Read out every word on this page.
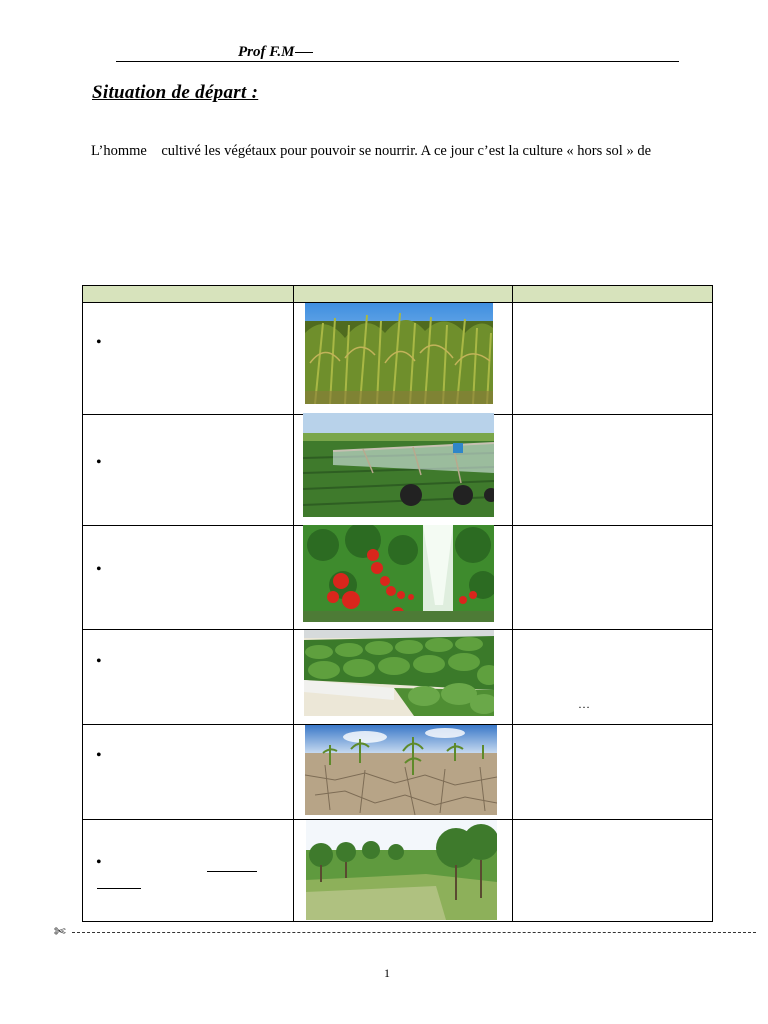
Prof F.M
Situation de départ :
L’homme    cultivé les végétaux pour pouvoir se nourrir. A ce jour c’est la culture « hors sol » de
•
•
•
•
•
•
…
✄
1
